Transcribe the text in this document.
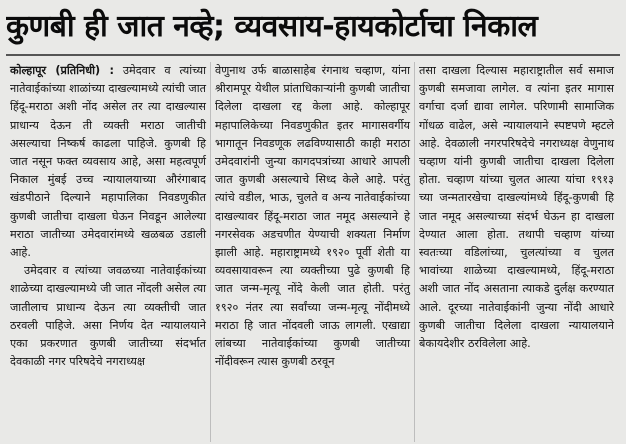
कुणबी ही जात नव्हे; व्यवसाय-हायकोर्टाचा निकाल

कोल्हापूर (प्रतिनिधी) : उमेदवार व त्यांच्या नातेवाईकांच्या शाळांच्या दाखल्यामध्ये त्यांची जात हिंदू-मराठा अशी नोंद असेल तर त्या दाखल्यास प्राधान्य देऊन ती व्यक्ती मराठा जातीची असल्याचा निष्कर्ष काढला पाहिजे. कुणबी हि जात नसून फक्त व्यवसाय आहे, असा महत्वपूर्ण निकाल मुंबई उच्च न्यायालयाच्या औरंगाबाद खंडपीठाने दिल्याने महापालिका निवडणुकीत कुणबी जातीचा दाखला घेऊन निवडून आलेल्या मराठा जातीच्या उमेदवारांमध्ये खळबळ उडाली आहे.

उमेदवार व त्यांच्या जवळच्या नातेवाईकांच्या शाळेच्या दाखल्यामध्ये जी जात नोंदली असेल त्या जातीलाच प्राधान्य देऊन त्या व्यक्तीची जात ठरवली पाहिजे. असा निर्णय देत न्यायालयाने एका प्रकरणात कुणबी जातीच्या संदर्भात देवकाळी नगर परिषदेचे नगराध्यक्ष

वेणुनाथ उर्फ बाळासाहेब रंगनाथ चव्हाण, यांना श्रीरामपूर येथील प्रांताधिकाऱ्यांनी कुणबी जातीचा दिलेला दाखला रद्द केला आहे. कोल्हापूर महापालिकेच्या निवडणुकीत इतर मागासवर्गीय भागातून निवडणूक लढविण्यासाठी काही मराठा उमेदवारांनी जुन्या कागदपत्रांच्या आधारे आपली जात कुणबी असल्याचे सिध्द केले आहे. परंतु त्यांचे वडील, भाऊ, चुलते व अन्य नातेवाईकांच्या दाखल्यावर हिंदू-मराठा जात नमूद असल्याने हे नगरसेवक अडचणीत येण्याची शक्यता निर्माण झाली आहे. महाराष्ट्रामध्ये १९२० पूर्वी शेती या व्यवसायावरून त्या व्यक्तीच्या पुढे कुणबी हि जात जन्म-मृत्यू नोंदे केली जात होती. परंतु १९२० नंतर त्या सर्वांच्या जन्म-मृत्यू नोंदीमध्ये मराठा हि जात नोंदवली जाऊ लागली. एखाद्या लांबच्या नातेवाईकांच्या कुणबी जातीच्या नोंदीवरून त्यास कुणबी ठरवून

तसा दाखला दिल्यास महाराष्ट्रातील सर्व समाज कुणबी समजावा लागेल. व त्यांना इतर मागास वर्गाचा दर्जा द्यावा लागेल. परिणामी सामाजिक गोंधळ वाढेल, असे न्यायालयाने स्पष्टपणे म्हटले आहे. देवळाली नगरपरिषदेचे नगराध्यक्ष वेणुनाथ चव्हाण यांनी कुणबी जातीचा दाखला दिलेला होता. चव्हाण यांच्या चुलत आत्या यांचा १९१३ च्या जन्मतारखेचा दाखल्यांमध्ये हिंदू-कुणबी हि जात नमूद असल्याच्या संदर्भ घेऊन हा दाखला देण्यात आला होता. तथापी चव्हाण यांच्या स्वतःच्या वडिलांच्या, चुलत्यांच्या व चुलत भावांच्या शाळेच्या दाखल्यामध्ये, हिंदू-मराठा अशी जात नोंद असताना त्याकडे दुर्लक्ष करण्यात आले. दूरच्या नातेवाईकांनी जुन्या नोंदी आधारे कुणबी जातीचा दिलेला दाखला न्यायालयाने बेकायदेशीर ठरविलेला आहे.
